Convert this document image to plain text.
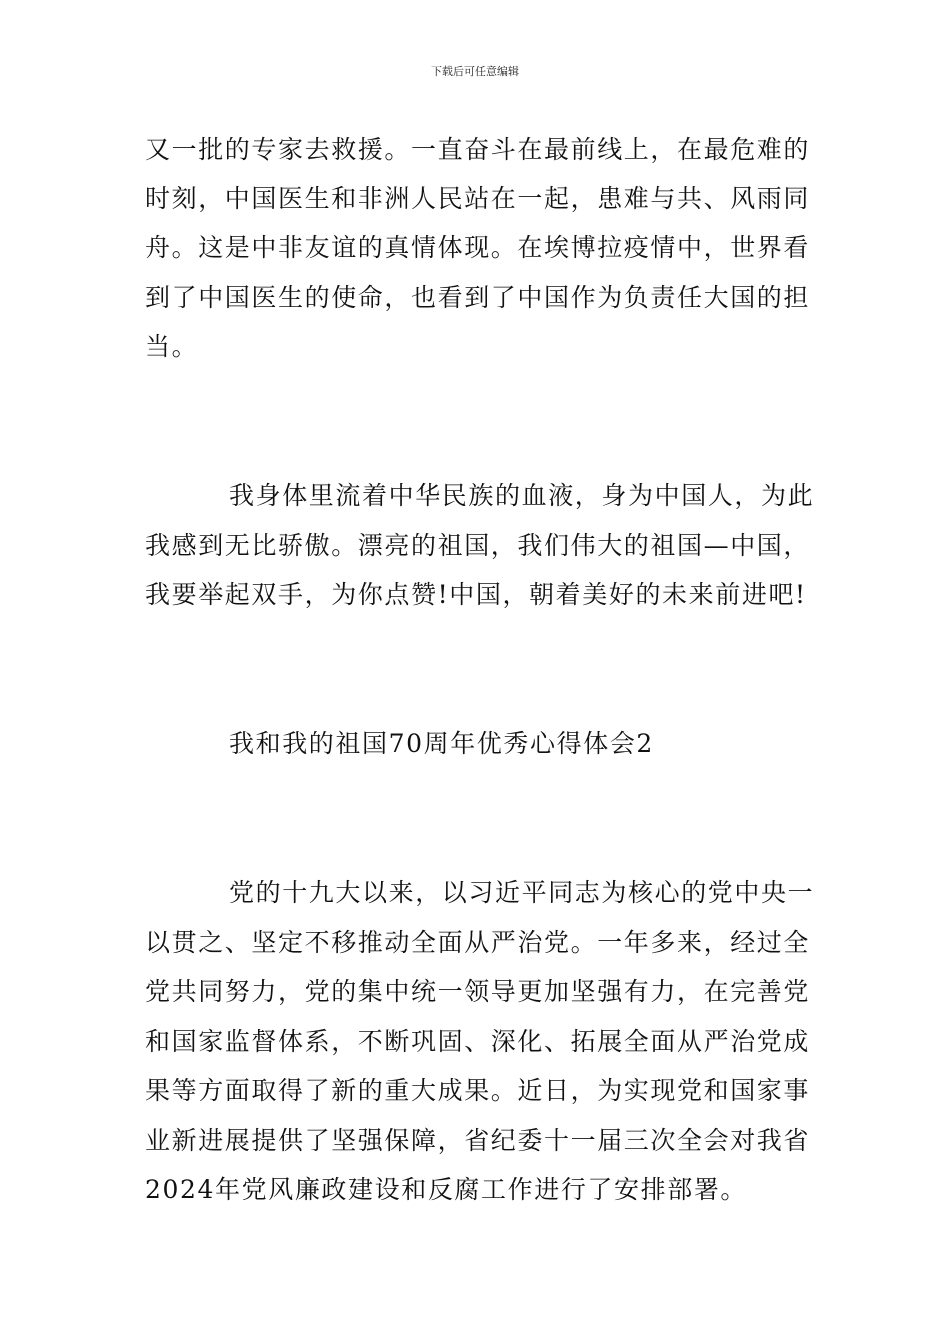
下载后可任意编辑
又一批的专家去救援。一直奋斗在最前线上，在最危难的
时刻，中国医生和非洲人民站在一起，患难与共、风雨同
舟。这是中非友谊的真情体现。在埃博拉疫情中，世界看
到了中国医生的使命，也看到了中国作为负责任大国的担
当。
我身体里流着中华民族的血液，身为中国人，为此
我感到无比骄傲。漂亮的祖国，我们伟大的祖国—中国，
我要举起双手，为你点赞!中国，朝着美好的未来前进吧!
我和我的祖国70周年优秀心得体会2
党的十九大以来，以习近平同志为核心的党中央一
以贯之、坚定不移推动全面从严治党。一年多来，经过全
党共同努力，党的集中统一领导更加坚强有力，在完善党
和国家监督体系，不断巩固、深化、拓展全面从严治党成
果等方面取得了新的重大成果。近日，为实现党和国家事
业新进展提供了坚强保障，省纪委十一届三次全会对我省
2024年党风廉政建设和反腐工作进行了安排部署。
